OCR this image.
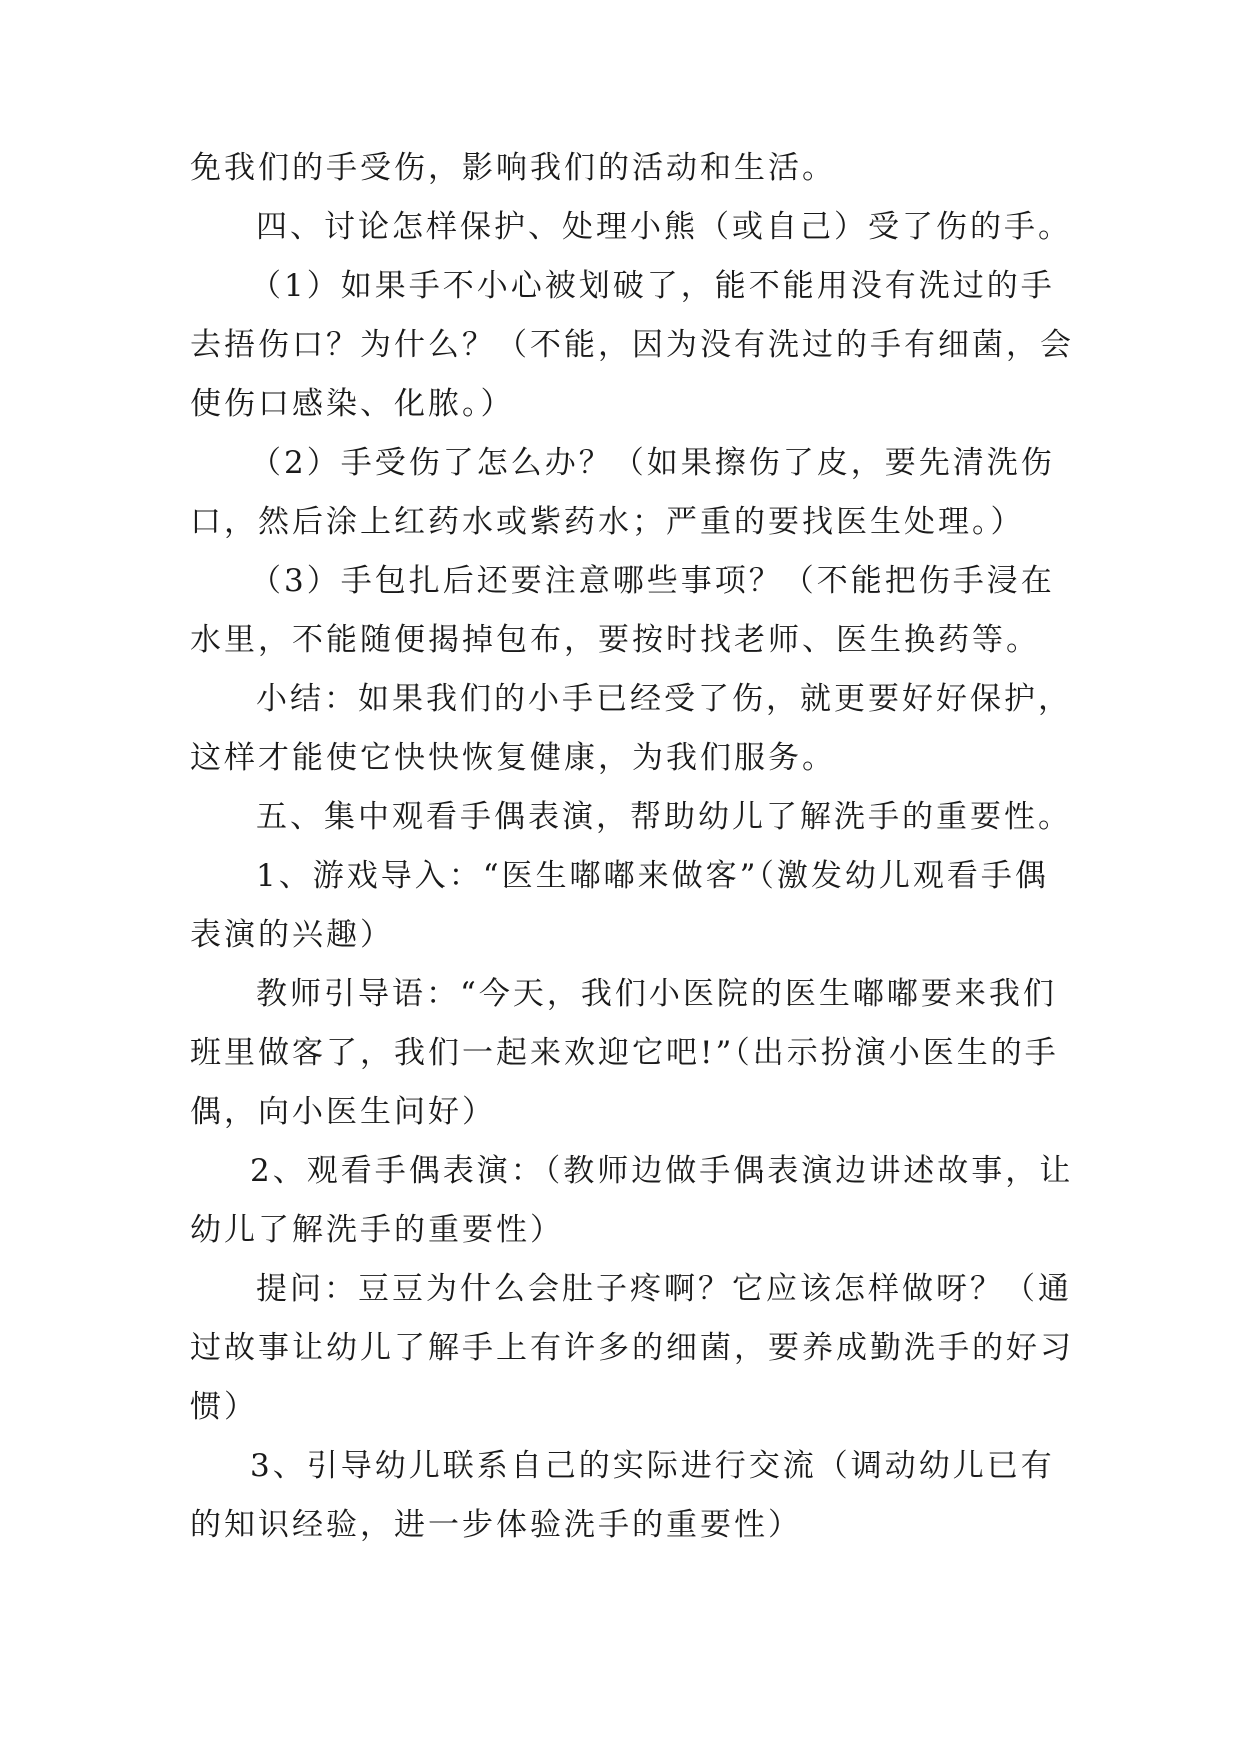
免我们的手受伤，影响我们的活动和生活。

四、讨论怎样保护、处理小熊（或自己）受了伤的手。

（1）如果手不小心被划破了，能不能用没有洗过的手
去捂伤口？为什么？（不能，因为没有洗过的手有细菌，会
使伤口感染、化脓。）

（2）手受伤了怎么办？（如果擦伤了皮，要先清洗伤
口，然后涂上红药水或紫药水；严重的要找医生处理。）

（3）手包扎后还要注意哪些事项？（不能把伤手浸在
水里，不能随便揭掉包布，要按时找老师、医生换药等。

小结：如果我们的小手已经受了伤，就更要好好保护，
这样才能使它快快恢复健康，为我们服务。

五、集中观看手偶表演，帮助幼儿了解洗手的重要性。

1、游戏导入：“医生嘟嘟来做客”（激发幼儿观看手偶
表演的兴趣）

教师引导语：“今天，我们小医院的医生嘟嘟要来我们
班里做客了，我们一起来欢迎它吧!”（出示扮演小医生的手
偶，向小医生问好）

2、观看手偶表演：（教师边做手偶表演边讲述故事，让
幼儿了解洗手的重要性）

提问：豆豆为什么会肚子疼啊？它应该怎样做呀？（通
过故事让幼儿了解手上有许多的细菌，要养成勤洗手的好习
惯）

3、引导幼儿联系自己的实际进行交流（调动幼儿已有
的知识经验，进一步体验洗手的重要性）
